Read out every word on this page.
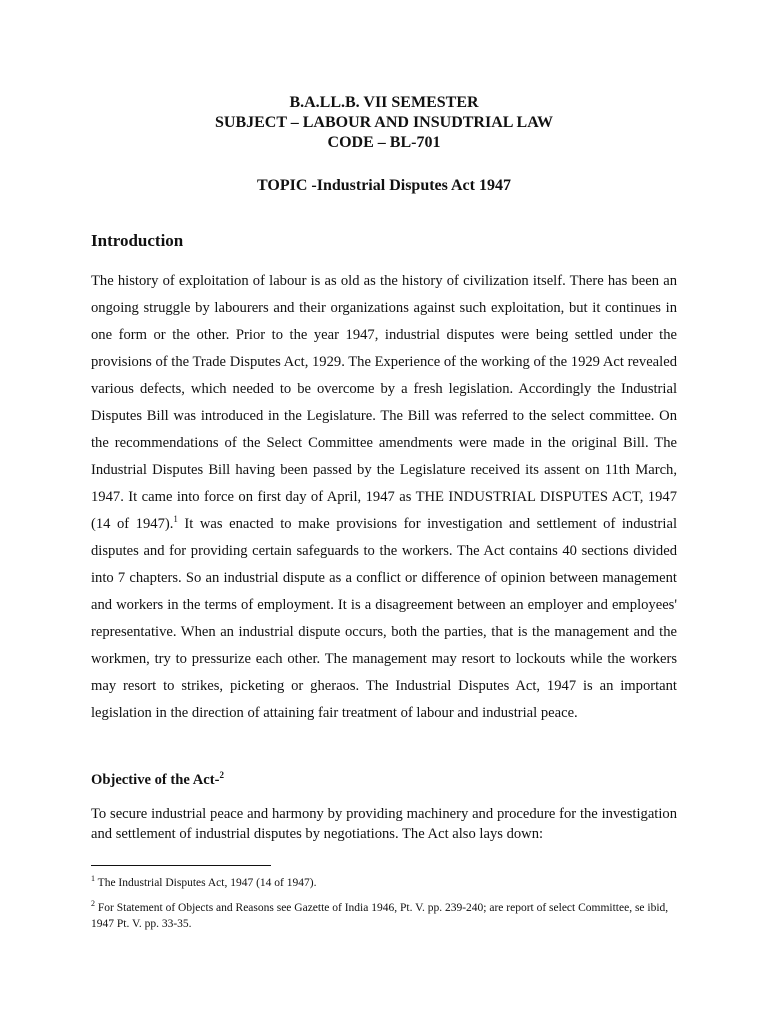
B.A.LL.B. VII SEMESTER
SUBJECT – LABOUR AND INSUDTRIAL LAW
CODE – BL-701
TOPIC -Industrial Disputes Act 1947
Introduction

The history of exploitation of labour is as old as the history of civilization itself. There has been an ongoing struggle by labourers and their organizations against such exploitation, but it continues in one form or the other. Prior to the year 1947, industrial disputes were being settled under the provisions of the Trade Disputes Act, 1929. The Experience of the working of the 1929 Act revealed various defects, which needed to be overcome by a fresh legislation. Accordingly the Industrial Disputes Bill was introduced in the Legislature. The Bill was referred to the select committee. On the recommendations of the Select Committee amendments were made in the original Bill. The Industrial Disputes Bill having been passed by the Legislature received its assent on 11th March, 1947. It came into force on first day of April, 1947 as THE INDUSTRIAL DISPUTES ACT, 1947 (14 of 1947).$^1$ It was enacted to make provisions for investigation and settlement of industrial disputes and for providing certain safeguards to the workers. The Act contains 40 sections divided into 7 chapters. So an industrial dispute as a conflict or difference of opinion between management and workers in the terms of employment. It is a disagreement between an employer and employees' representative. When an industrial dispute occurs, both the parties, that is the management and the workmen, try to pressurize each other. The management may resort to lockouts while the workers may resort to strikes, picketing or gheraos. The Industrial Disputes Act, 1947 is an important legislation in the direction of attaining fair treatment of labour and industrial peace.

Objective of the Act-$^2$

To secure industrial peace and harmony by providing machinery and procedure for the investigation and settlement of industrial disputes by negotiations. The Act also lays down:

$^1$ The Industrial Disputes Act, 1947 (14 of 1947).

$^2$ For Statement of Objects and Reasons see Gazette of India 1946, Pt. V. pp. 239-240; are report of select Committee, se ibid, 1947 Pt. V. pp. 33-35.
